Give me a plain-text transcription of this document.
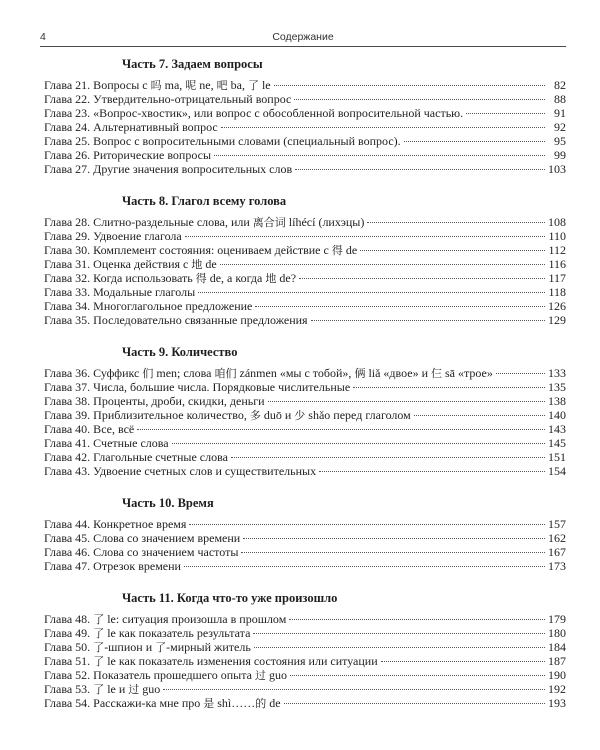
4	Содержание
Часть 7. Задаем вопросы
Глава 21. Вопросы с 吗 ma, 呢 ne, 吧 ba, 了 le	82
Глава 22. Утвердительно-отрицательный вопрос	88
Глава 23. «Вопрос-хвостик», или вопрос с обособленной вопросительной частью.	91
Глава 24. Альтернативный вопрос	92
Глава 25. Вопрос с вопросительными словами (специальный вопрос).	95
Глава 26. Риторические вопросы	99
Глава 27. Другие значения вопросительных слов	103
Часть 8. Глагол всему голова
Глава 28. Слитно-раздельные слова, или 离合词 líhécí (лихэцы)	108
Глава 29. Удвоение глагола	110
Глава 30. Комплемент состояния: оцениваем действие с 得 de	112
Глава 31. Оценка действия с 地 de	116
Глава 32. Когда использовать 得 de, а когда 地 de?	117
Глава 33. Модальные глаголы	118
Глава 34. Многоглагольное предложение	126
Глава 35. Последовательно связанные предложения	129
Часть 9. Количество
Глава 36. Суффикс 们 men; слова 咱们 zánmen «мы с тобой», 俩 liǎ «двое» и 仨 sā «трое»	133
Глава 37. Числа, большие числа. Порядковые числительные	135
Глава 38. Проценты, дроби, скидки, деньги	138
Глава 39. Приблизительное количество, 多 duō и 少 shǎo перед глаголом	140
Глава 40. Все, всё	143
Глава 41. Счетные слова	145
Глава 42. Глагольные счетные слова	151
Глава 43. Удвоение счетных слов и существительных	154
Часть 10. Время
Глава 44. Конкретное время	157
Глава 45. Слова со значением времени	162
Глава 46. Слова со значением частоты	167
Глава 47. Отрезок времени	173
Часть 11. Когда что-то уже произошло
Глава 48. 了 le: ситуация произошла в прошлом	179
Глава 49. 了 le как показатель результата	180
Глава 50. 了-шпион и 了-мирный житель	184
Глава 51. 了 le как показатель изменения состояния или ситуации	187
Глава 52. Показатель прошедшего опыта 过 guo	190
Глава 53. 了 le и 过 guo	192
Глава 54. Расскажи-ка мне про 是 shì……的 de	193
